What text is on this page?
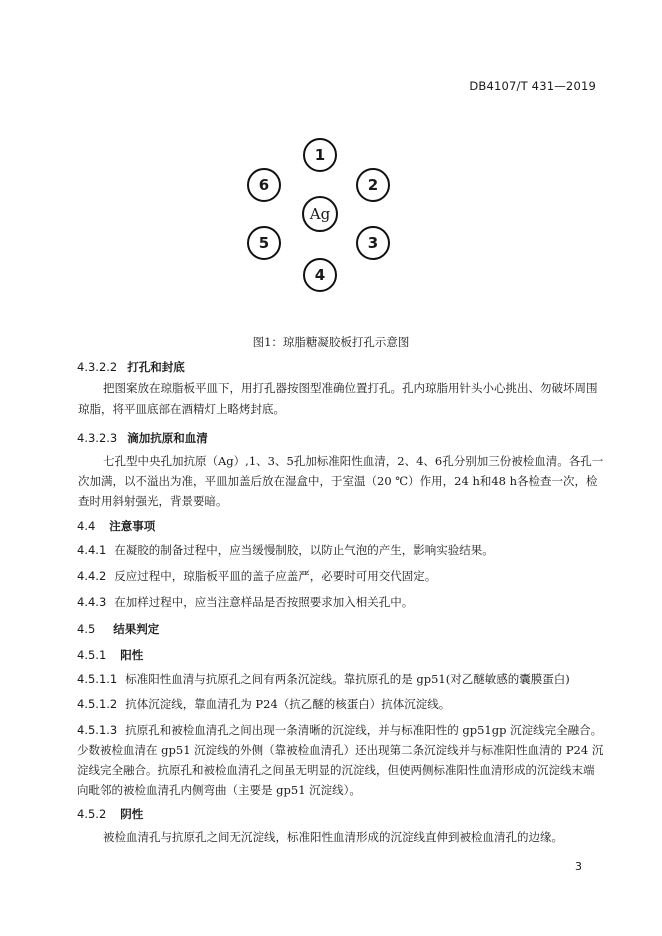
DB4107/T 431—2019
1
2
3
4
5
6
Ag
图1：琼脂糖凝胶板打孔示意图
4.3.2.2 打孔和封底
把图案放在琼脂板平皿下，用打孔器按图型准确位置打孔。孔内琼脂用针头小心挑出、勿破坏周围
琼脂，将平皿底部在酒精灯上略烤封底。
4.3.2.3 滴加抗原和血清
七孔型中央孔加抗原（Ag）,1、3、5孔加标准阳性血清，2、4、6孔分别加三份被检血清。各孔一
次加满，以不溢出为准，平皿加盖后放在湿盒中，于室温（20 ℃）作用，24 h和48 h各检查一次，检
查时用斜射强光，背景要暗。
4.4 注意事项
4.4.1 在凝胶的制备过程中，应当缓慢制胶，以防止气泡的产生，影响实验结果。
4.4.2 反应过程中，琼脂板平皿的盖子应盖严，必要时可用交代固定。
4.4.3 在加样过程中，应当注意样品是否按照要求加入相关孔中。
4.5 结果判定
4.5.1 阳性
4.5.1.1 标准阳性血清与抗原孔之间有两条沉淀线。靠抗原孔的是 gp51(对乙醚敏感的囊膜蛋白)
4.5.1.2 抗体沉淀线，靠血清孔为 P24（抗乙醚的核蛋白）抗体沉淀线。
4.5.1.3 抗原孔和被检血清孔之间出现一条清晰的沉淀线，并与标准阳性的 gp51gp 沉淀线完全融合。
少数被检血清在 gp51 沉淀线的外侧（靠被检血清孔）还出现第二条沉淀线并与标准阳性血清的 P24 沉
淀线完全融合。抗原孔和被检血清孔之间虽无明显的沉淀线，但使两侧标准阳性血清形成的沉淀线末端
向毗邻的被检血清孔内侧弯曲（主要是 gp51 沉淀线）。
4.5.2 阴性
被检血清孔与抗原孔之间无沉淀线，标准阳性血清形成的沉淀线直伸到被检血清孔的边缘。
3
